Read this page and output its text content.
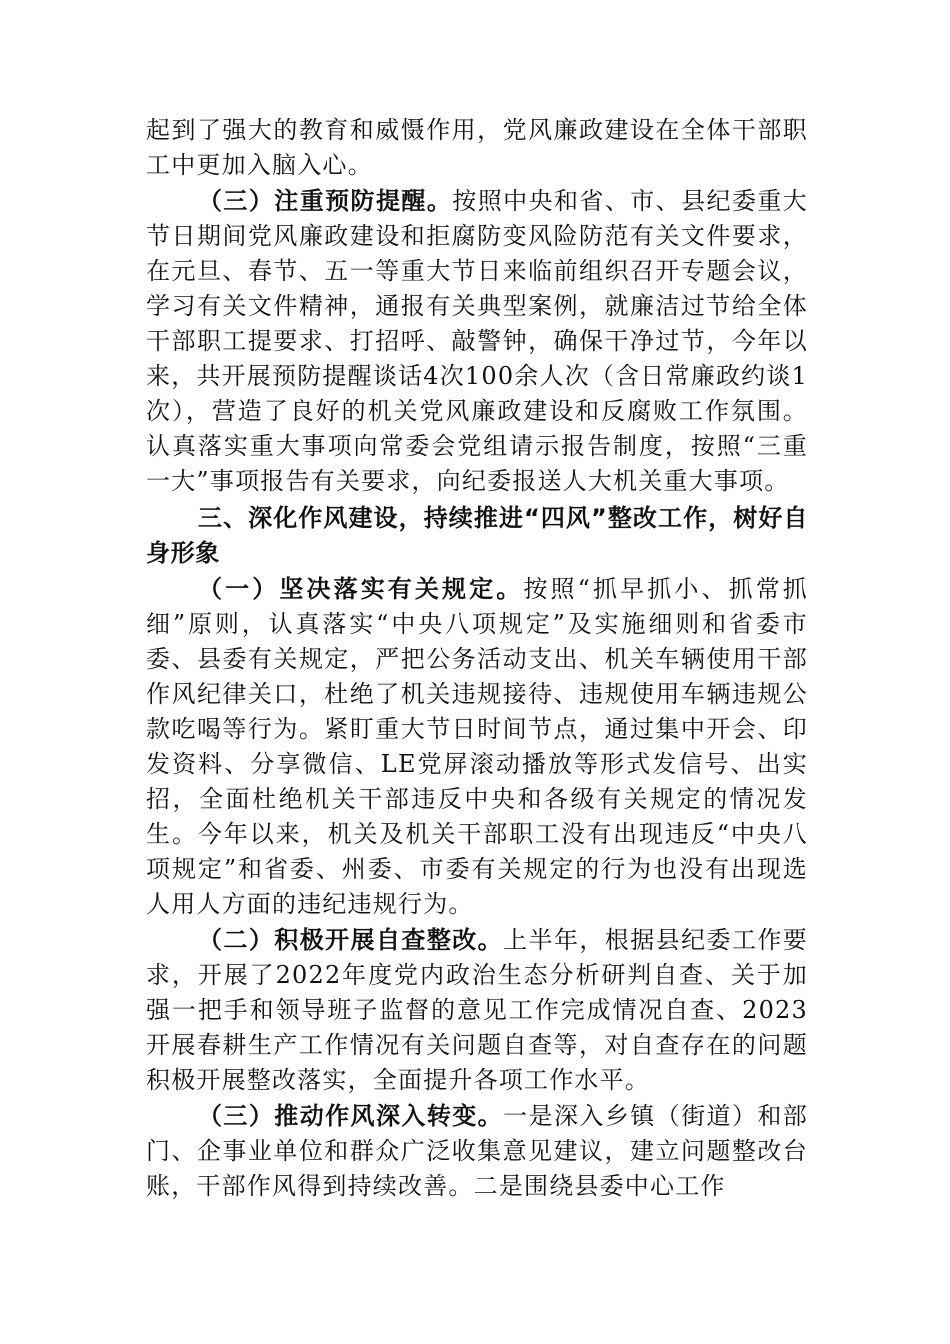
起到了强大的教育和威慑作用，党风廉政建设在全体干部职工中更加入脑入心。

（三）注重预防提醒。按照中央和省、市、县纪委重大节日期间党风廉政建设和拒腐防变风险防范有关文件要求，在元旦、春节、五一等重大节日来临前组织召开专题会议，学习有关文件精神，通报有关典型案例，就廉洁过节给全体干部职工提要求、打招呼、敲警钟，确保干净过节，今年以来，共开展预防提醒谈话4次100余人次（含日常廉政约谈1次），营造了良好的机关党风廉政建设和反腐败工作氛围。认真落实重大事项向常委会党组请示报告制度，按照“三重一大”事项报告有关要求，向纪委报送人大机关重大事项。

三、深化作风建设，持续推进“四风”整改工作，树好自身形象

（一）坚决落实有关规定。按照“抓早抓小、抓常抓细”原则，认真落实“中央八项规定”及实施细则和省委市委、县委有关规定，严把公务活动支出、机关车辆使用干部作风纪律关口，杜绝了机关违规接待、违规使用车辆违规公款吃喝等行为。紧盯重大节日时间节点，通过集中开会、印发资料、分享微信、LE党屏滚动播放等形式发信号、出实招，全面杜绝机关干部违反中央和各级有关规定的情况发生。今年以来，机关及机关干部职工没有出现违反“中央八项规定”和省委、州委、市委有关规定的行为也没有出现选人用人方面的违纪违规行为。

（二）积极开展自查整改。上半年，根据县纪委工作要求，开展了2022年度党内政治生态分析研判自查、关于加强一把手和领导班子监督的意见工作完成情况自查、2023开展春耕生产工作情况有关问题自查等，对自查存在的问题积极开展整改落实，全面提升各项工作水平。

（三）推动作风深入转变。一是深入乡镇（街道）和部门、企事业单位和群众广泛收集意见建议，建立问题整改台账，干部作风得到持续改善。二是围绕县委中心工作
